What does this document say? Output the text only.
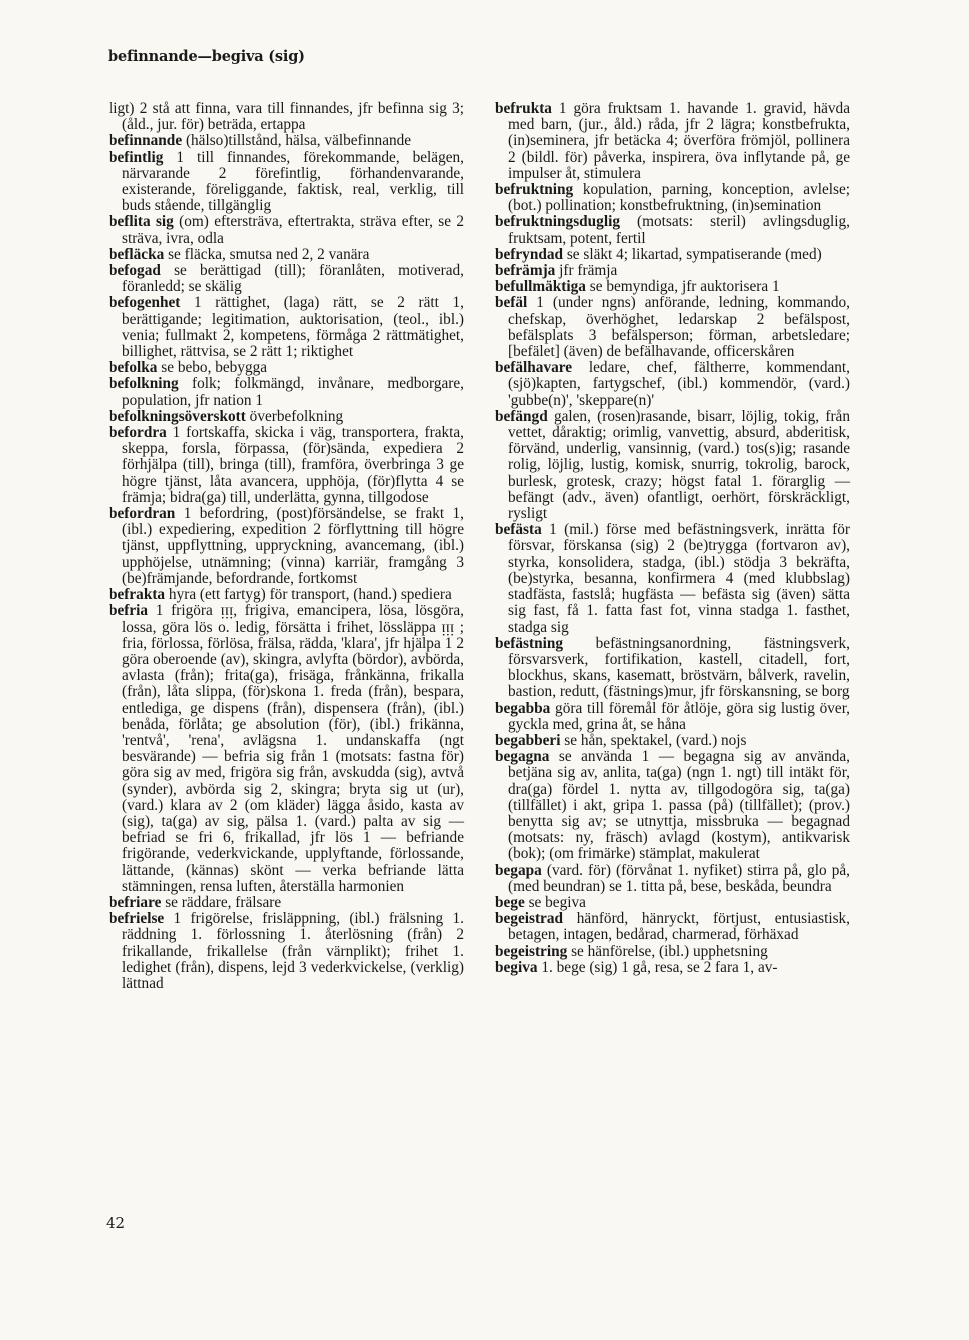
befinnande—begiva (sig)

ligt) 2 stå att finna, vara till finnandes, jfr befinna sig 3; (åld., jur. för) beträda, ertappa

befinnande (hälso)tillstånd, hälsa, välbefinnande

befintlig 1 till finnandes, förekommande, belägen, närvarande 2 förefintlig, förhandenvarande, existerande, föreliggande, faktisk, real, verklig, till buds stående, tillgänglig

beflita sig (om) eftersträva, eftertrakta, sträva efter, se 2 sträva, ivra, odla

befläcka se fläcka, smutsa ned 2, 2 vanära

befogad se berättigad (till); föranlåten, motiverad, föranledd; se skälig

befogenhet 1 rättighet, (laga) rätt, se 2 rätt 1, berättigande; legitimation, auktorisation, (teol., ibl.) venia; fullmakt 2, kompetens, förmåga 2 rättmätighet, billighet, rättvisa, se 2 rätt 1; riktighet

befolka se bebo, bebygga

befolkning folk; folkmängd, invånare, medborgare, population, jfr nation 1

befolkningsöverskott överbefolkning

befordra 1 fortskaffa, skicka i väg, transportera, frakta, skeppa, forsla, förpassa, (för)sända, expediera 2 förhjälpa (till), bringa (till), framföra, överbringa 3 ge högre tjänst, låta avancera, upphöja, (för)flytta 4 se främja; bidra(ga) till, underlätta, gynna, tillgodose

befordran 1 befordring, (post)försändelse, se frakt 1, (ibl.) expediering, expedition 2 förflyttning till högre tjänst, uppflyttning, uppryckning, avancemang, (ibl.) upphöjelse, utnämning; (vinna) karriär, framgång 3 (be)främjande, befordrande, fortkomst

befrakta hyra (ett fartyg) för transport, (hand.) spediera

befria 1 frigöra ᴉᴉᴉ, frigiva, emancipera, lösa, lösgöra, lossa, göra lös o. ledig, försätta i frihet, lössläppa ᴉᴉᴉ ; fria, förlossa, förlösa, frälsa, rädda, 'klara', jfr hjälpa 1 2 göra oberoende (av), skingra, avlyfta (bördor), avbörda, avlasta (från); frita(ga), frisäga, frånkänna, frikalla (från), låta slippa, (för)skona 1. freda (från), bespara, entlediga, ge dispens (från), dispensera (från), (ibl.) benåda, förlåta; ge absolution (för), (ibl.) frikänna, 'rentvå', 'rena', avlägsna 1. undanskaffa (ngt besvärande) — befria sig från 1 (motsats: fastna för) göra sig av med, frigöra sig från, avskudda (sig), avtvå (synder), avbörda sig 2, skingra; bryta sig ut (ur), (vard.) klara av 2 (om kläder) lägga åsido, kasta av (sig), ta(ga) av sig, pälsa 1. (vard.) palta av sig — befriad se fri 6, frikallad, jfr lös 1 — befriande frigörande, vederkvickande, upplyftande, förlossande, lättande, (kännas) skönt — verka befriande lätta stämningen, rensa luften, återställa harmonien

befriare se räddare, frälsare

befrielse 1 frigörelse, frisläppning, (ibl.) frälsning 1. räddning 1. förlossning 1. återlösning (från) 2 frikallande, frikallelse (från värnplikt); frihet 1. ledighet (från), dispens, lejd 3 vederkvickelse, (verklig) lättnad

befrukta 1 göra fruktsam 1. havande 1. gravid, hävda med barn, (jur., åld.) råda, jfr 2 lägra; konstbefrukta, (in)seminera, jfr betäcka 4; överföra frömjöl, pollinera 2 (bildl. för) påverka, inspirera, öva inflytande på, ge impulser åt, stimulera

befruktning kopulation, parning, konception, avlelse; (bot.) pollination; konstbefruktning, (in)semination

befruktningsduglig (motsats: steril) avlingsduglig, fruktsam, potent, fertil

befryndad se släkt 4; likartad, sympatiserande (med)

befrämja jfr främja

befullmäktiga se bemyndiga, jfr auktorisera 1

befäl 1 (under ngns) anförande, ledning, kommando, chefskap, överhöghet, ledarskap 2 befälspost, befälsplats 3 befälsperson; förman, arbetsledare; [befälet] (även) de befälhavande, officerskåren

befälhavare ledare, chef, fältherre, kommendant, (sjö)kapten, fartygschef, (ibl.) kommendör, (vard.) 'gubbe(n)', 'skeppare(n)'

befängd galen, (rosen)rasande, bisarr, löjlig, tokig, från vettet, dåraktig; orimlig, vanvettig, absurd, abderitisk, förvänd, underlig, vansinnig, (vard.) tos(s)ig; rasande rolig, löjlig, lustig, komisk, snurrig, tokrolig, barock, burlesk, grotesk, crazy; högst fatal 1. förarglig — befängt (adv., även) ofantligt, oerhört, förskräckligt, rysligt

befästa 1 (mil.) förse med befästningsverk, inrätta för försvar, förskansa (sig) 2 (be)trygga (fortvaron av), styrka, konsolidera, stadga, (ibl.) stödja 3 bekräfta, (be)styrka, besanna, konfirmera 4 (med klubbslag) stadfästa, fastslå; hugfästa — befästa sig (även) sätta sig fast, få 1. fatta fast fot, vinna stadga 1. fasthet, stadga sig

befästning befästningsanordning, fästningsverk, försvarsverk, fortifikation, kastell, citadell, fort, blockhus, skans, kasematt, bröstvärn, bålverk, ravelin, bastion, redutt, (fästnings)mur, jfr förskansning, se borg

begabba göra till föremål för åtlöje, göra sig lustig över, gyckla med, grina åt, se håna

begabberi se hån, spektakel, (vard.) nojs

begagna se använda 1 — begagna sig av använda, betjäna sig av, anlita, ta(ga) (ngn 1. ngt) till intäkt för, dra(ga) fördel 1. nytta av, tillgodogöra sig, ta(ga) (tillfället) i akt, gripa 1. passa (på) (tillfället); (prov.) benytta sig av; se utnyttja, missbruka — begagnad (motsats: ny, fräsch) avlagd (kostym), antikvarisk (bok); (om frimärke) stämplat, makulerat

begapa (vard. för) (förvånat 1. nyfiket) stirra på, glo på, (med beundran) se 1. titta på, bese, beskåda, beundra

bege se begiva

begeistrad hänförd, hänryckt, förtjust, entusiastisk, betagen, intagen, bedårad, charmerad, förhäxad

begeistring se hänförelse, (ibl.) upphetsning

begiva 1. bege (sig) 1 gå, resa, se 2 fara 1, av-

42
